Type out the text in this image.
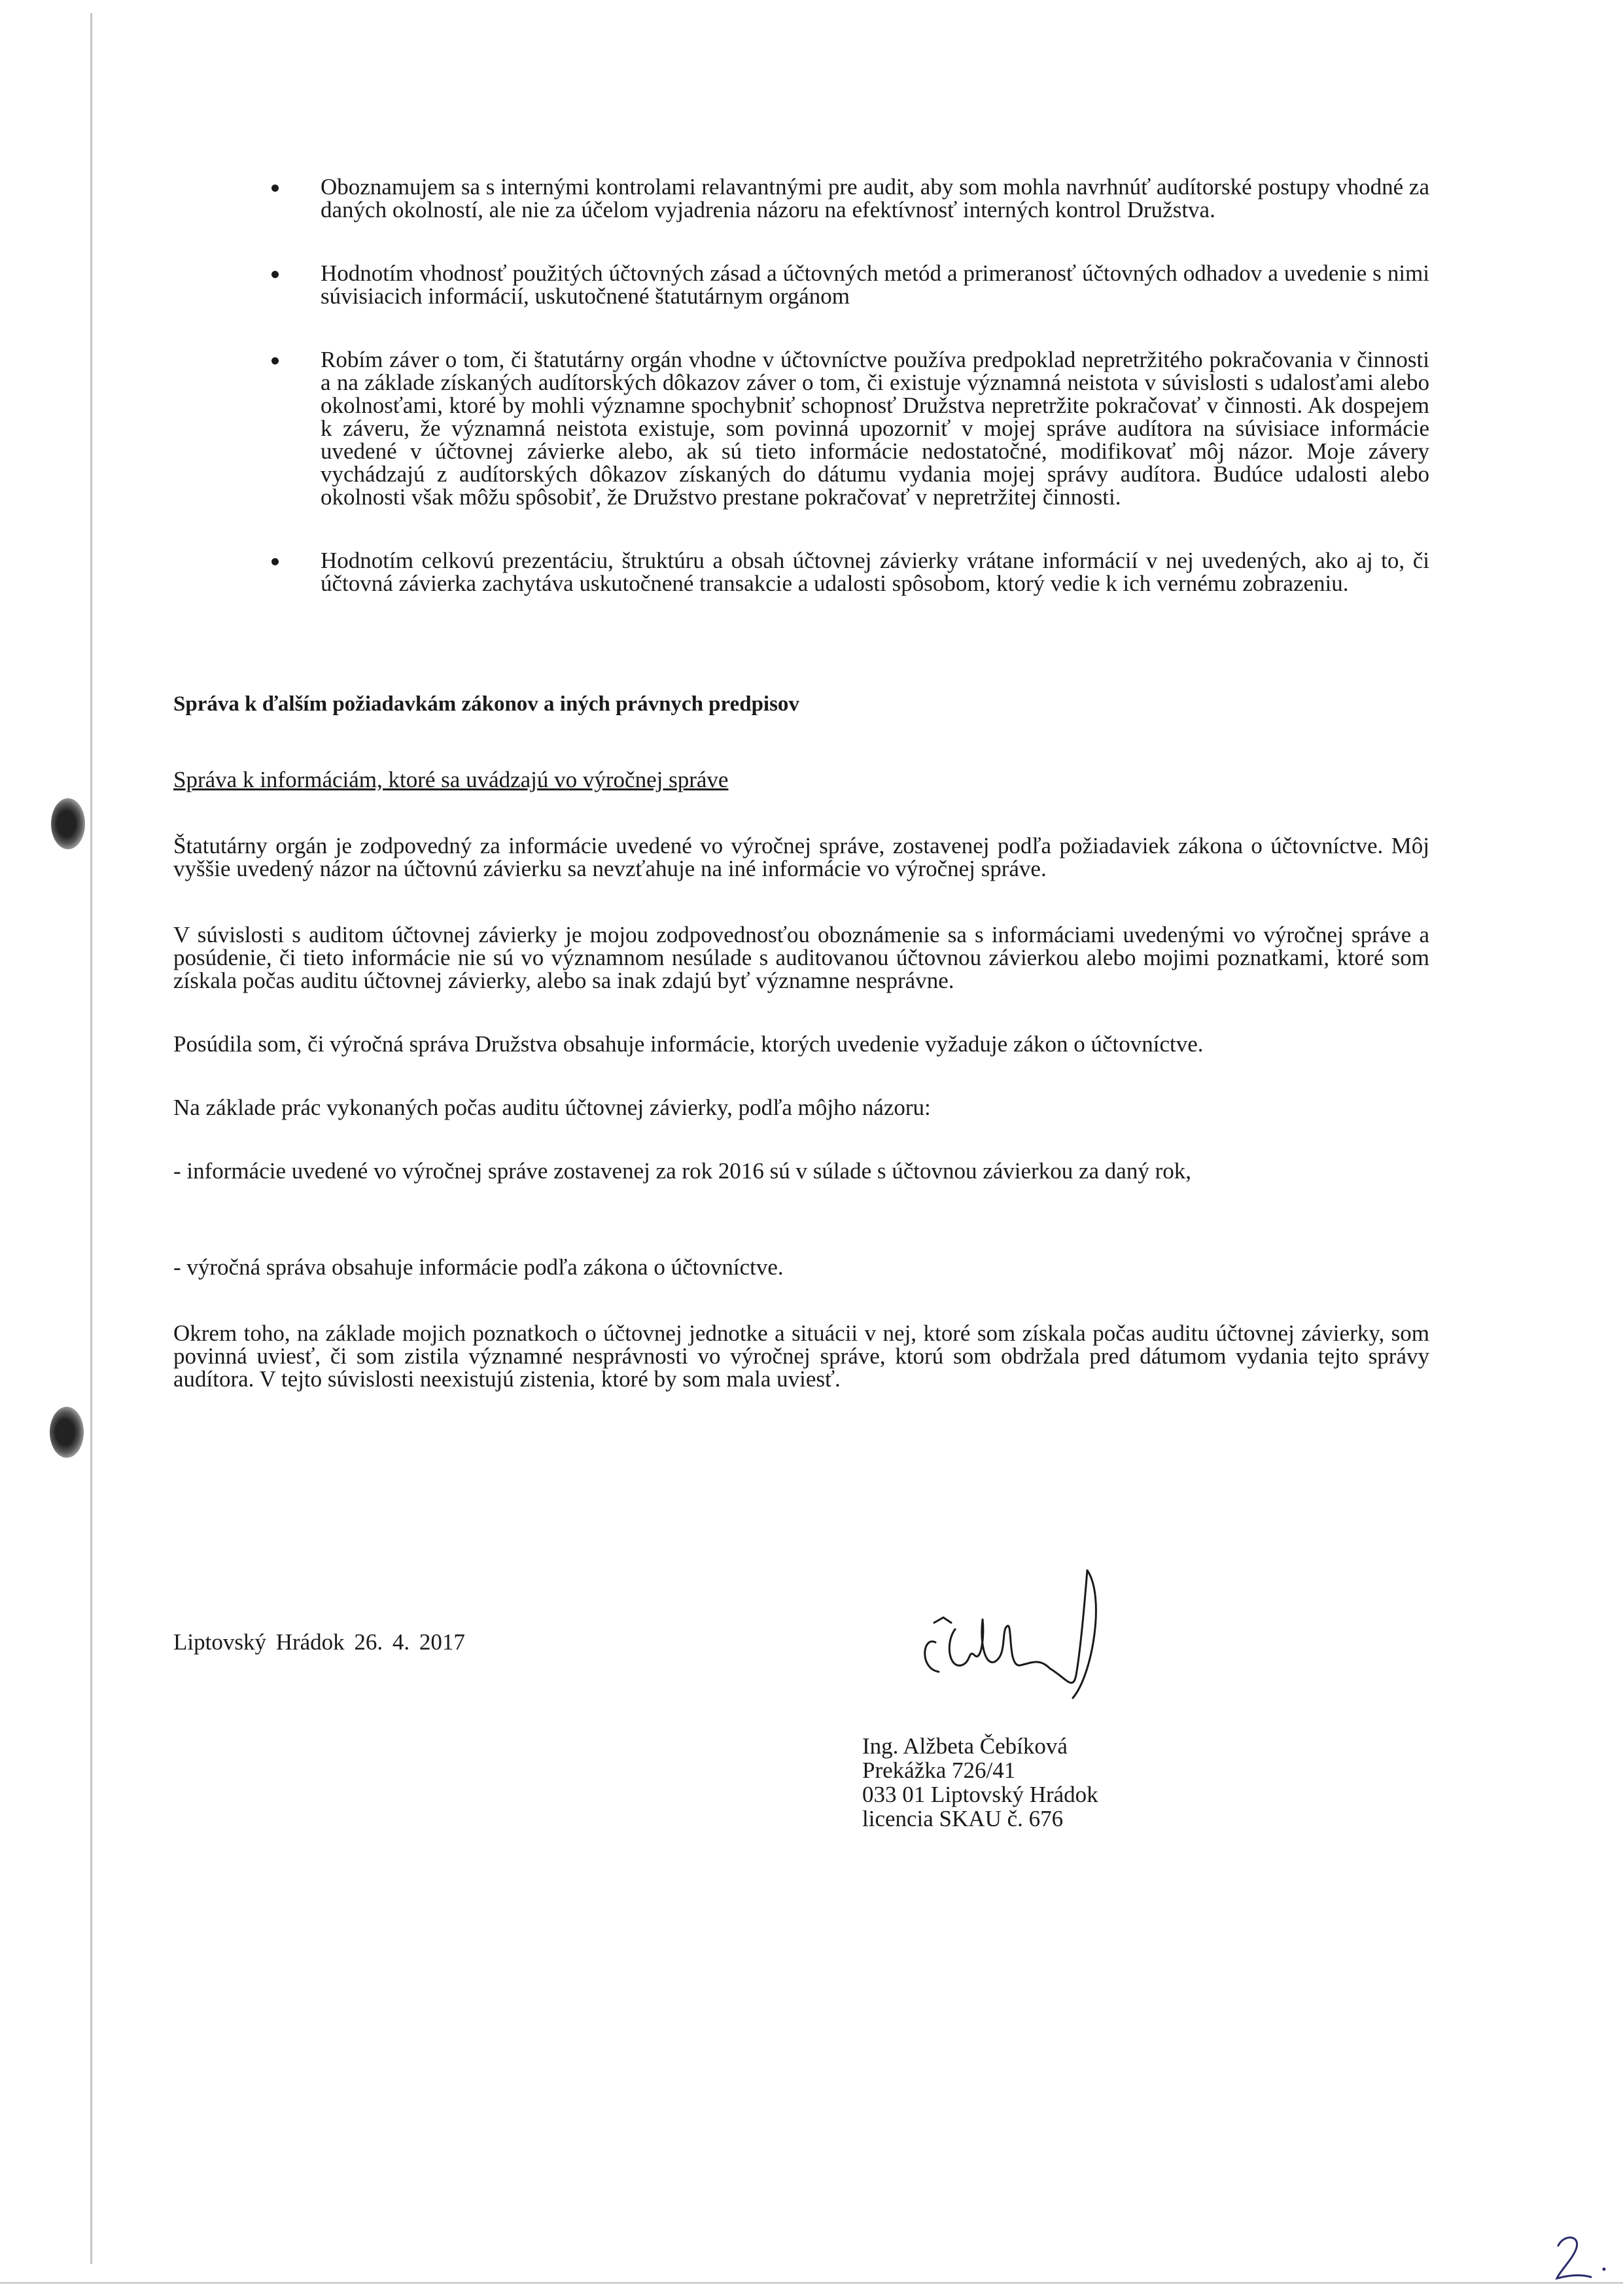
Oboznamujem sa s internými kontrolami relavantnými pre audit, aby som mohla navrhnúť audítorské postupy vhodné za daných okolností, ale nie za účelom vyjadrenia názoru na efektívnosť interných kontrol Družstva.
Hodnotím vhodnosť použitých účtovných zásad a účtovných metód a primeranosť účtovných odhadov a uvedenie s nimi súvisiacich informácií, uskutočnené štatutárnym orgánom
Robím záver o tom, či štatutárny orgán vhodne v účtovníctve používa predpoklad nepretržitého pokračovania v činnosti a na základe získaných audítorských dôkazov záver o tom, či existuje významná neistota v súvislosti s udalosťami alebo okolnosťami, ktoré by mohli významne spochybniť schopnosť Družstva nepretržite pokračovať v činnosti. Ak dospejem k záveru, že významná neistota existuje, som povinná upozorniť v mojej správe audítora na súvisiace informácie uvedené v účtovnej závierke alebo, ak sú tieto informácie nedostatočné, modifikovať môj názor. Moje závery vychádzajú z audítorských dôkazov získaných do dátumu vydania mojej správy audítora. Budúce udalosti alebo okolnosti však môžu spôsobiť, že Družstvo prestane pokračovať v nepretržitej činnosti.
Hodnotím celkovú prezentáciu, štruktúru a obsah účtovnej závierky vrátane informácií v nej uvedených, ako aj to, či účtovná závierka zachytáva uskutočnené transakcie a udalosti spôsobom, ktorý vedie k ich vernému zobrazeniu.
Správa k ďalším požiadavkám zákonov a iných právnych predpisov
Správa k informáciám, ktoré sa uvádzajú vo výročnej správe
Štatutárny orgán je zodpovedný za informácie uvedené vo výročnej správe, zostavenej podľa požiadaviek zákona o účtovníctve. Môj vyššie uvedený názor na účtovnú závierku sa nevzťahuje na iné informácie vo výročnej správe.
V súvislosti s auditom účtovnej závierky je mojou zodpovednosťou oboznámenie sa s informáciami uvedenými vo výročnej správe a posúdenie, či tieto informácie nie sú vo významnom nesúlade s auditovanou účtovnou závierkou alebo mojimi poznatkami, ktoré som získala počas auditu účtovnej závierky, alebo sa inak zdajú byť významne nesprávne.
Posúdila som, či výročná správa Družstva obsahuje informácie, ktorých uvedenie vyžaduje zákon o účtovníctve.
Na základe prác vykonaných počas auditu účtovnej závierky, podľa môjho názoru:
- informácie uvedené vo výročnej správe zostavenej za rok 2016 sú v súlade s účtovnou závierkou za daný rok,
- výročná správa obsahuje informácie podľa zákona o účtovníctve.
Okrem toho, na základe mojich poznatkoch o účtovnej jednotke a situácii v nej, ktoré som získala počas auditu účtovnej závierky, som povinná uviesť, či som zistila významné nesprávnosti vo výročnej správe, ktorú som obdržala pred dátumom vydania tejto správy audítora. V tejto súvislosti neexistujú zistenia, ktoré by som mala uviesť.
Liptovský Hrádok 26. 4. 2017
Ing. Alžbeta Čebíková
Prekážka 726/41
033 01 Liptovský Hrádok
licencia SKAU č. 676
